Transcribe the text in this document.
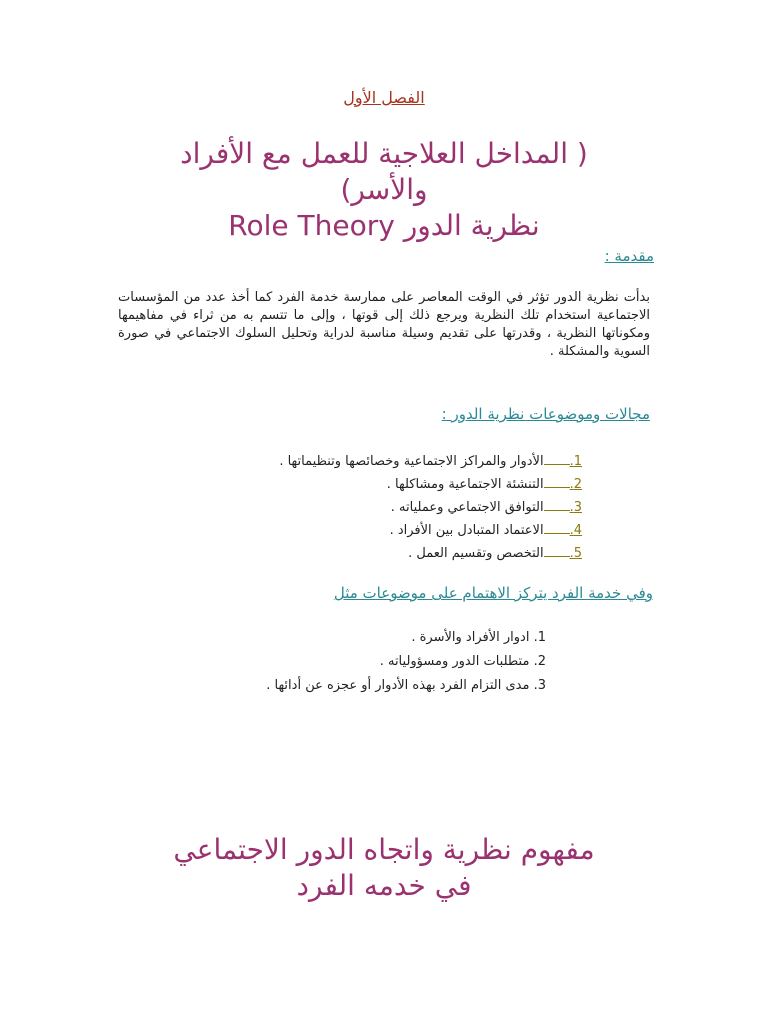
الفصل الأول
( المداخل العلاجية للعمل مع الأفراد
والأسر)
نظرية الدور Role Theory
مقدمة :
بدأت نظرية الدور تؤثر في الوقت المعاصر على ممارسة خدمة الفرد كما أخذ عدد من المؤسسات الاجتماعية استخدام تلك النظرية ويرجع ذلك إلى قوتها ، وإلى ما تتسم به من ثراء في مفاهيمها ومكوناتها النظرية ، وقدرتها على تقديم وسيلة مناسبة لدراية وتحليل السلوك الاجتماعي في صورة السوية والمشكلة .
مجالات وموضوعات نظرية الدور :
1.الأدوار والمراكز الاجتماعية وخصائصها وتنظيماتها .
2.التنشئة الاجتماعية ومشاكلها .
3.التوافق الاجتماعي وعملياته .
4.الاعتماد المتبادل بين الأفراد .
5.التخصص وتقسيم العمل .
وفي خدمة الفرد يتركز الاهتمام على موضوعات مثل
1. ادوار الأفراد والأسرة .
2. متطلبات الدور ومسؤولياته .
3. مدى التزام الفرد بهذه الأدوار أو عجزه عن أدائها .
مفهوم نظرية واتجاه الدور الاجتماعي
في خدمه الفرد
